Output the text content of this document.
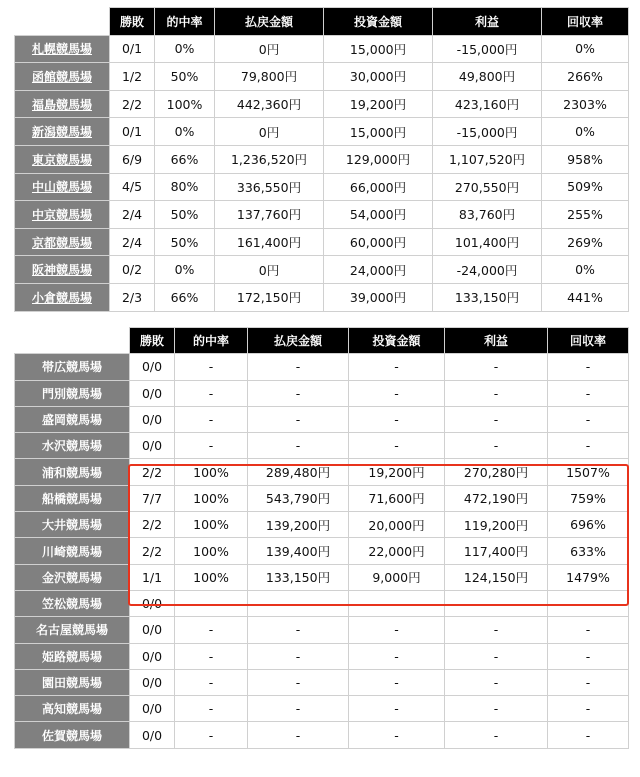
	勝敗	的中率	払戻金額	投資金額	利益	回収率
札幌競馬場	0/1	0%	0円	15,000円	-15,000円	0%
函館競馬場	1/2	50%	79,800円	30,000円	49,800円	266%
福島競馬場	2/2	100%	442,360円	19,200円	423,160円	2303%
新潟競馬場	0/1	0%	0円	15,000円	-15,000円	0%
東京競馬場	6/9	66%	1,236,520円	129,000円	1,107,520円	958%
中山競馬場	4/5	80%	336,550円	66,000円	270,550円	509%
中京競馬場	2/4	50%	137,760円	54,000円	83,760円	255%
京都競馬場	2/4	50%	161,400円	60,000円	101,400円	269%
阪神競馬場	0/2	0%	0円	24,000円	-24,000円	0%
小倉競馬場	2/3	66%	172,150円	39,000円	133,150円	441%
	勝敗	的中率	払戻金額	投資金額	利益	回収率
帯広競馬場	0/0	-	-	-	-	-
門別競馬場	0/0	-	-	-	-	-
盛岡競馬場	0/0	-	-	-	-	-
水沢競馬場	0/0	-	-	-	-	-
浦和競馬場	2/2	100%	289,480円	19,200円	270,280円	1507%
船橋競馬場	7/7	100%	543,790円	71,600円	472,190円	759%
大井競馬場	2/2	100%	139,200円	20,000円	119,200円	696%
川崎競馬場	2/2	100%	139,400円	22,000円	117,400円	633%
金沢競馬場	1/1	100%	133,150円	9,000円	124,150円	1479%
笠松競馬場	0/0	-	-	-	-	-
名古屋競馬場	0/0	-	-	-	-	-
姫路競馬場	0/0	-	-	-	-	-
園田競馬場	0/0	-	-	-	-	-
高知競馬場	0/0	-	-	-	-	-
佐賀競馬場	0/0	-	-	-	-	-
